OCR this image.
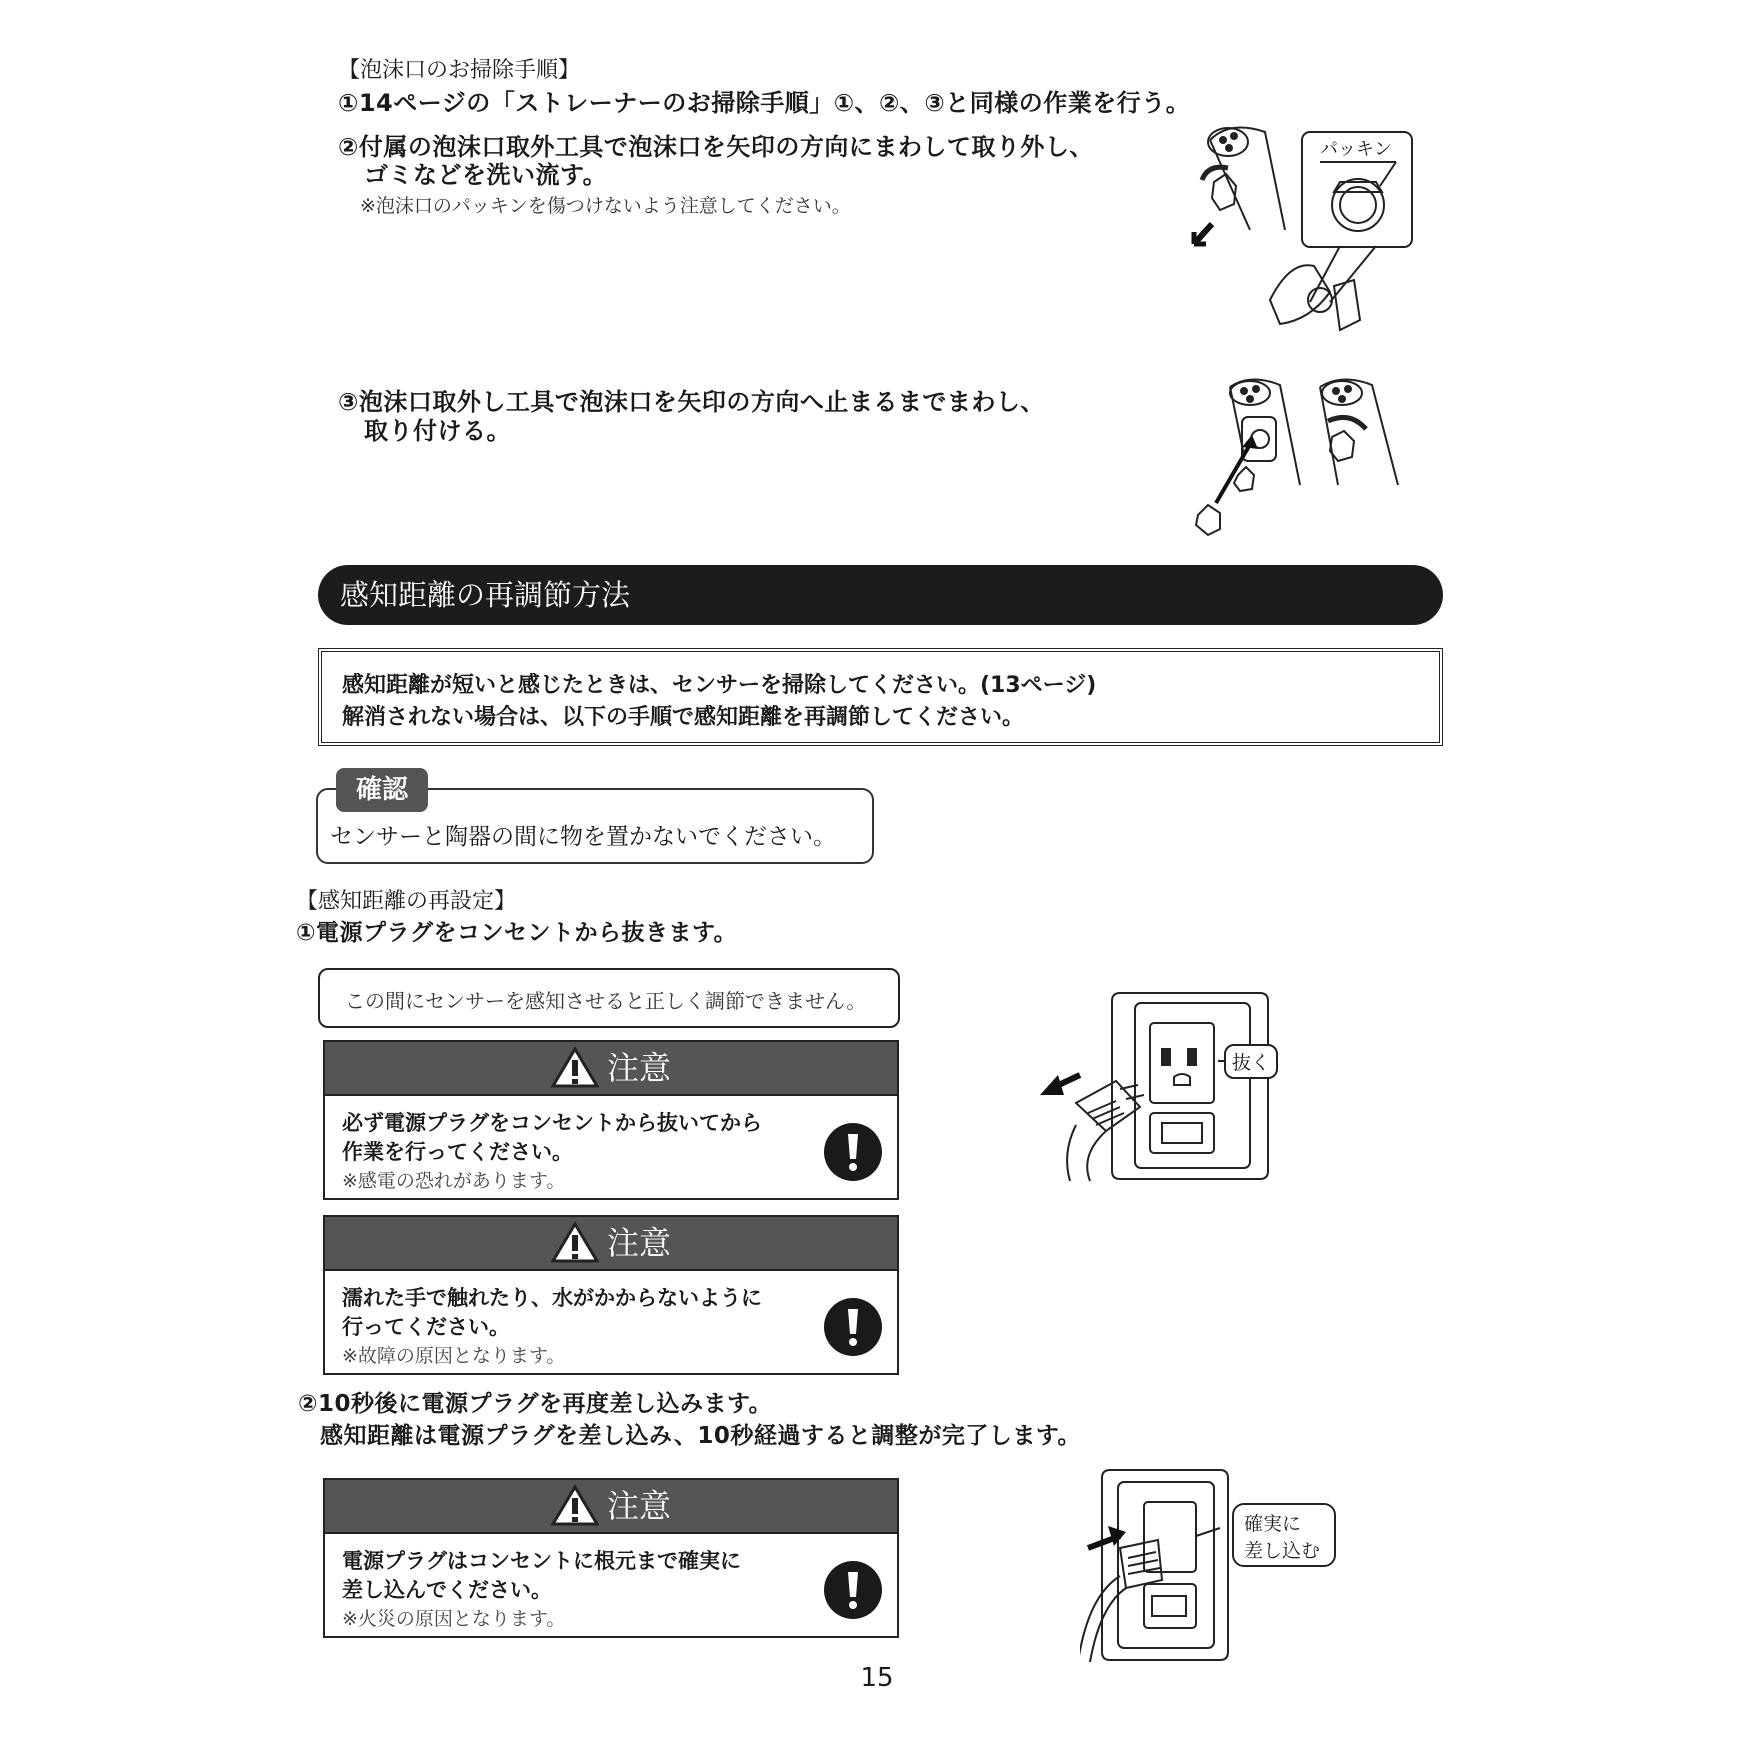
【泡沫口のお掃除手順】
①14ページの「ストレーナーのお掃除手順」①、②、③と同様の作業を行う。
②付属の泡沫口取外工具で泡沫口を矢印の方向にまわして取り外し、
ゴミなどを洗い流す。
※泡沫口のパッキンを傷つけないよう注意してください。
③泡沫口取外し工具で泡沫口を矢印の方向へ止まるまでまわし、
取り付ける。
パッキン
感知距離の再調節方法
感知距離が短いと感じたときは、センサーを掃除してください。(13ページ)
解消されない場合は、以下の手順で感知距離を再調節してください。
確認
センサーと陶器の間に物を置かないでください。
【感知距離の再設定】
①電源プラグをコンセントから抜きます。
この間にセンサーを感知させると正しく調節できません。
注意
必ず電源プラグをコンセントから抜いてから
作業を行ってください。
※感電の恐れがあります。
注意
濡れた手で触れたり、水がかからないように
行ってください。
※故障の原因となります。
抜く
②10秒後に電源プラグを再度差し込みます。
感知距離は電源プラグを差し込み、10秒経過すると調整が完了します。
注意
電源プラグはコンセントに根元まで確実に
差し込んでください。
※火災の原因となります。
確実に
差し込む
15
